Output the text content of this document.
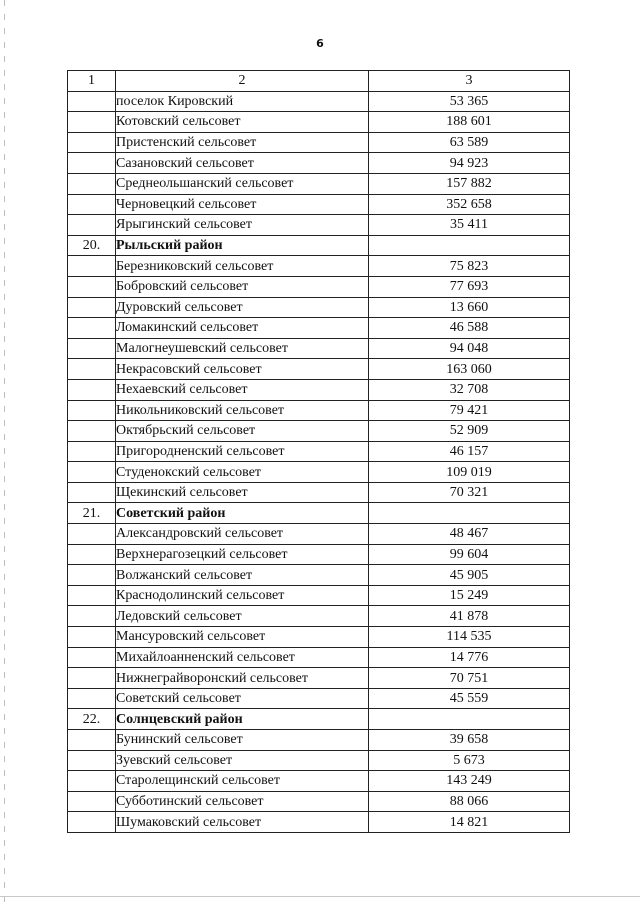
6
1	2	3
	поселок Кировский	53 365
	Котовский сельсовет	188 601
	Пристенский сельсовет	63 589
	Сазановский сельсовет	94 923
	Среднеольшанский сельсовет	157 882
	Черновецкий сельсовет	352 658
	Ярыгинский сельсовет	35 411
20.	Рыльский район	
	Березниковский сельсовет	75 823
	Бобровский сельсовет	77 693
	Дуровский сельсовет	13 660
	Ломакинский сельсовет	46 588
	Малогнеушевский сельсовет	94 048
	Некрасовский сельсовет	163 060
	Нехаевский сельсовет	32 708
	Никольниковский сельсовет	79 421
	Октябрьский сельсовет	52 909
	Пригородненский сельсовет	46 157
	Студенокский сельсовет	109 019
	Щекинский сельсовет	70 321
21.	Советский район	
	Александровский сельсовет	48 467
	Верхнерагозецкий сельсовет	99 604
	Волжанский сельсовет	45 905
	Краснодолинский сельсовет	15 249
	Ледовский сельсовет	41 878
	Мансуровский сельсовет	114 535
	Михайлоанненский сельсовет	14 776
	Нижнеграйворонский сельсовет	70 751
	Советский сельсовет	45 559
22.	Солнцевский район	
	Бунинский сельсовет	39 658
	Зуевский сельсовет	5 673
	Старолещинский сельсовет	143 249
	Субботинский сельсовет	88 066
	Шумаковский сельсовет	14 821
